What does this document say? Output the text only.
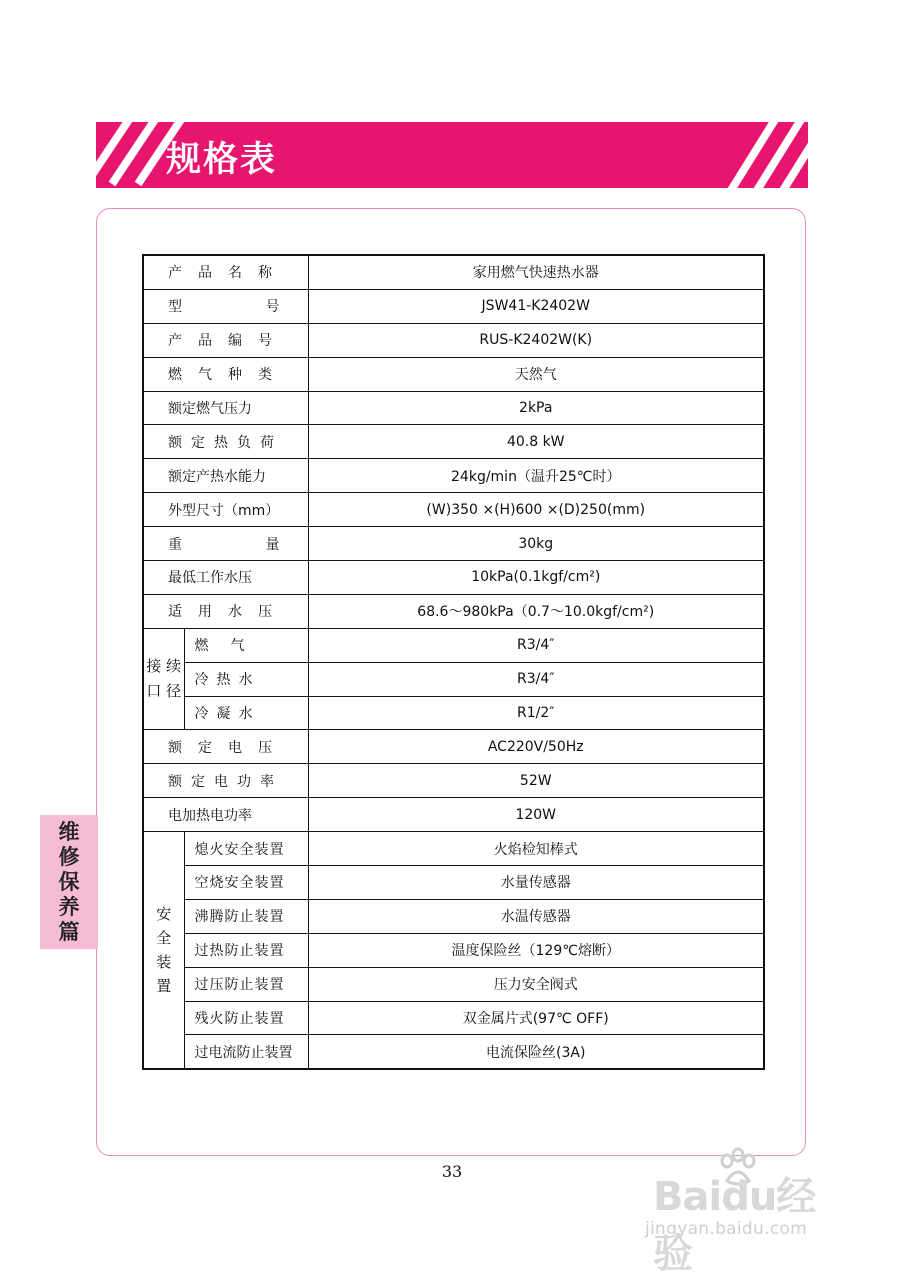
规格表
维
修
保
养
篇
产品名称		家用燃气快速热水器

型 号		JSW41-K2402W
产品编号		RUS-K2402W(K)
燃气种类		天然气
额定燃气压力		2kPa
额定热负荷		40.8 kW
额定产热水能力		24kg/min（温升25℃时）
外型尺寸（mm）		(W)350 ×(H)600 ×(D)250(mm)

重 量		30kg
最低工作水压		10kPa(0.1kgf/cm²)
适用水压		68.6～980kPa（0.7～10.0kgf/cm²)

接 续
口 径	燃气	R3/4″
	冷热水	R3/4″
	冷凝水	R1/2″
额定电压		AC220V/50Hz
额定电功率		52W
电加热电功率		120W

安
全
装
置	熄火安全装置	火焰检知棒式
	空烧安全装置	水量传感器
	沸腾防止装置	水温传感器
	过热防止装置	温度保险丝（129℃熔断）
	过压防止装置	压力安全阀式
	残火防止装置	双金属片式(97℃ OFF)
	过电流防止装置	电流保险丝(3A)
33
Baidu经验
jingyan.baidu.com
